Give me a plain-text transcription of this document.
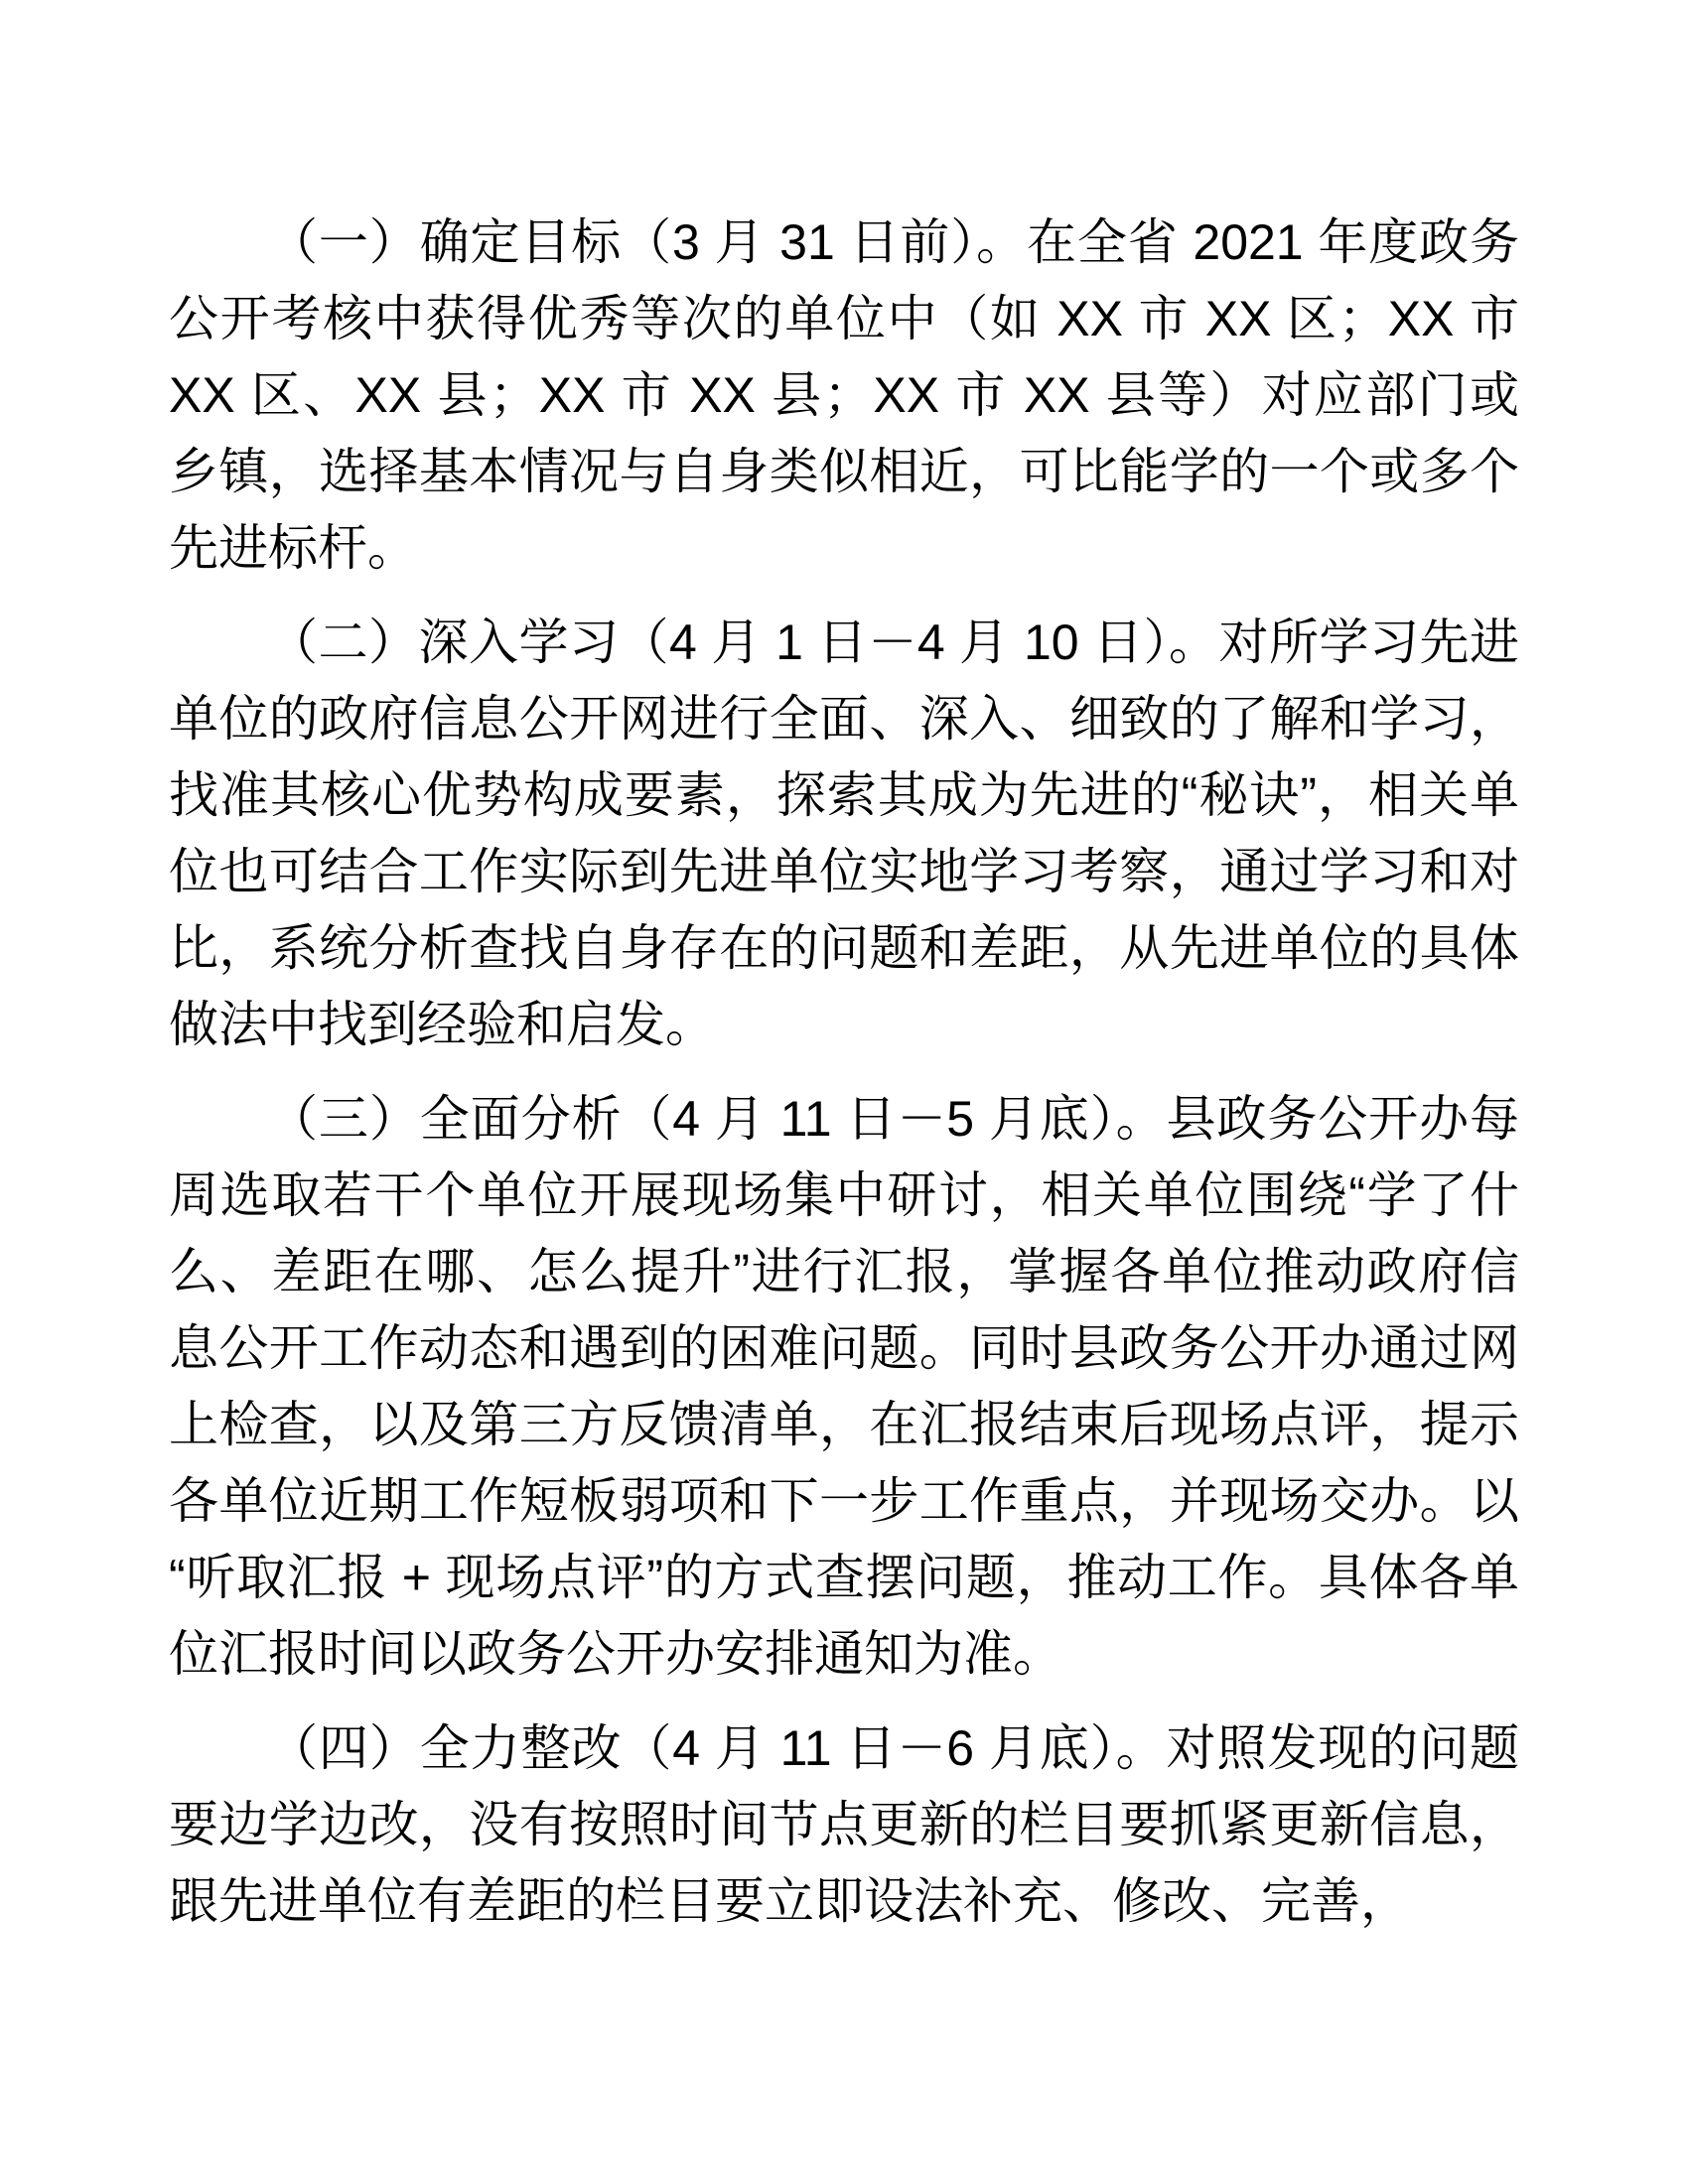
（一）确定目标（3 月 31 日前）。在全省 2021 年度政务公开考核中获得优秀等次的单位中（如 XX 市 XX 区；XX 市 XX 区、XX 县；XX 市 XX 县；XX 市 XX 县等）对应部门或乡镇，选择基本情况与自身类似相近，可比能学的一个或多个先进标杆。

（二）深入学习（4 月 1 日－4 月 10 日）。对所学习先进单位的政府信息公开网进行全面、深入、细致的了解和学习，找准其核心优势构成要素，探索其成为先进的“秘诀”，相关单位也可结合工作实际到先进单位实地学习考察，通过学习和对比，系统分析查找自身存在的问题和差距，从先进单位的具体做法中找到经验和启发。

（三）全面分析（4 月 11 日－5 月底）。县政务公开办每周选取若干个单位开展现场集中研讨，相关单位围绕“学了什么、差距在哪、怎么提升”进行汇报，掌握各单位推动政府信息公开工作动态和遇到的困难问题。同时县政务公开办通过网上检查，以及第三方反馈清单，在汇报结束后现场点评，提示各单位近期工作短板弱项和下一步工作重点，并现场交办。以“听取汇报 + 现场点评”的方式查摆问题，推动工作。具体各单位汇报时间以政务公开办安排通知为准。

（四）全力整改（4 月 11 日－6 月底）。对照发现的问题要边学边改，没有按照时间节点更新的栏目要抓紧更新信息，跟先进单位有差距的栏目要立即设法补充、修改、完善，
